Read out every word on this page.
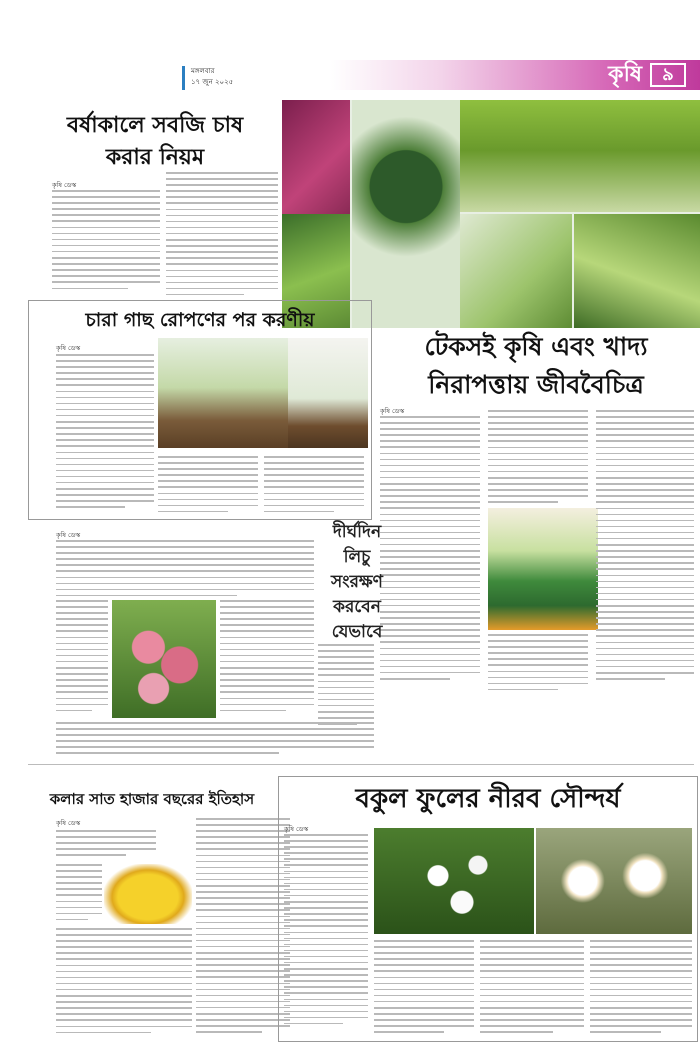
মঙ্গলবার
১৭ জুন ২০২৫	কৃষি	৯
বর্ষাকালে সবজি চাষ
করার নিয়ম
কৃষি ডেস্ক
চারা গাছ রোপণের পর করণীয়
কৃষি ডেস্ক	টেকসই কৃষি এবং খাদ্য
নিরাপত্তায় জীববৈচিত্র
কৃষি ডেস্ক
কৃষি ডেস্ক	দীর্ঘদিন
লিচু
সংরক্ষণ
করবেন
যেভাবে
কলার সাত হাজার বছরের ইতিহাস
কৃষি ডেস্ক
বকুল ফুলের নীরব সৌন্দর্য
কৃষি ডেস্ক
